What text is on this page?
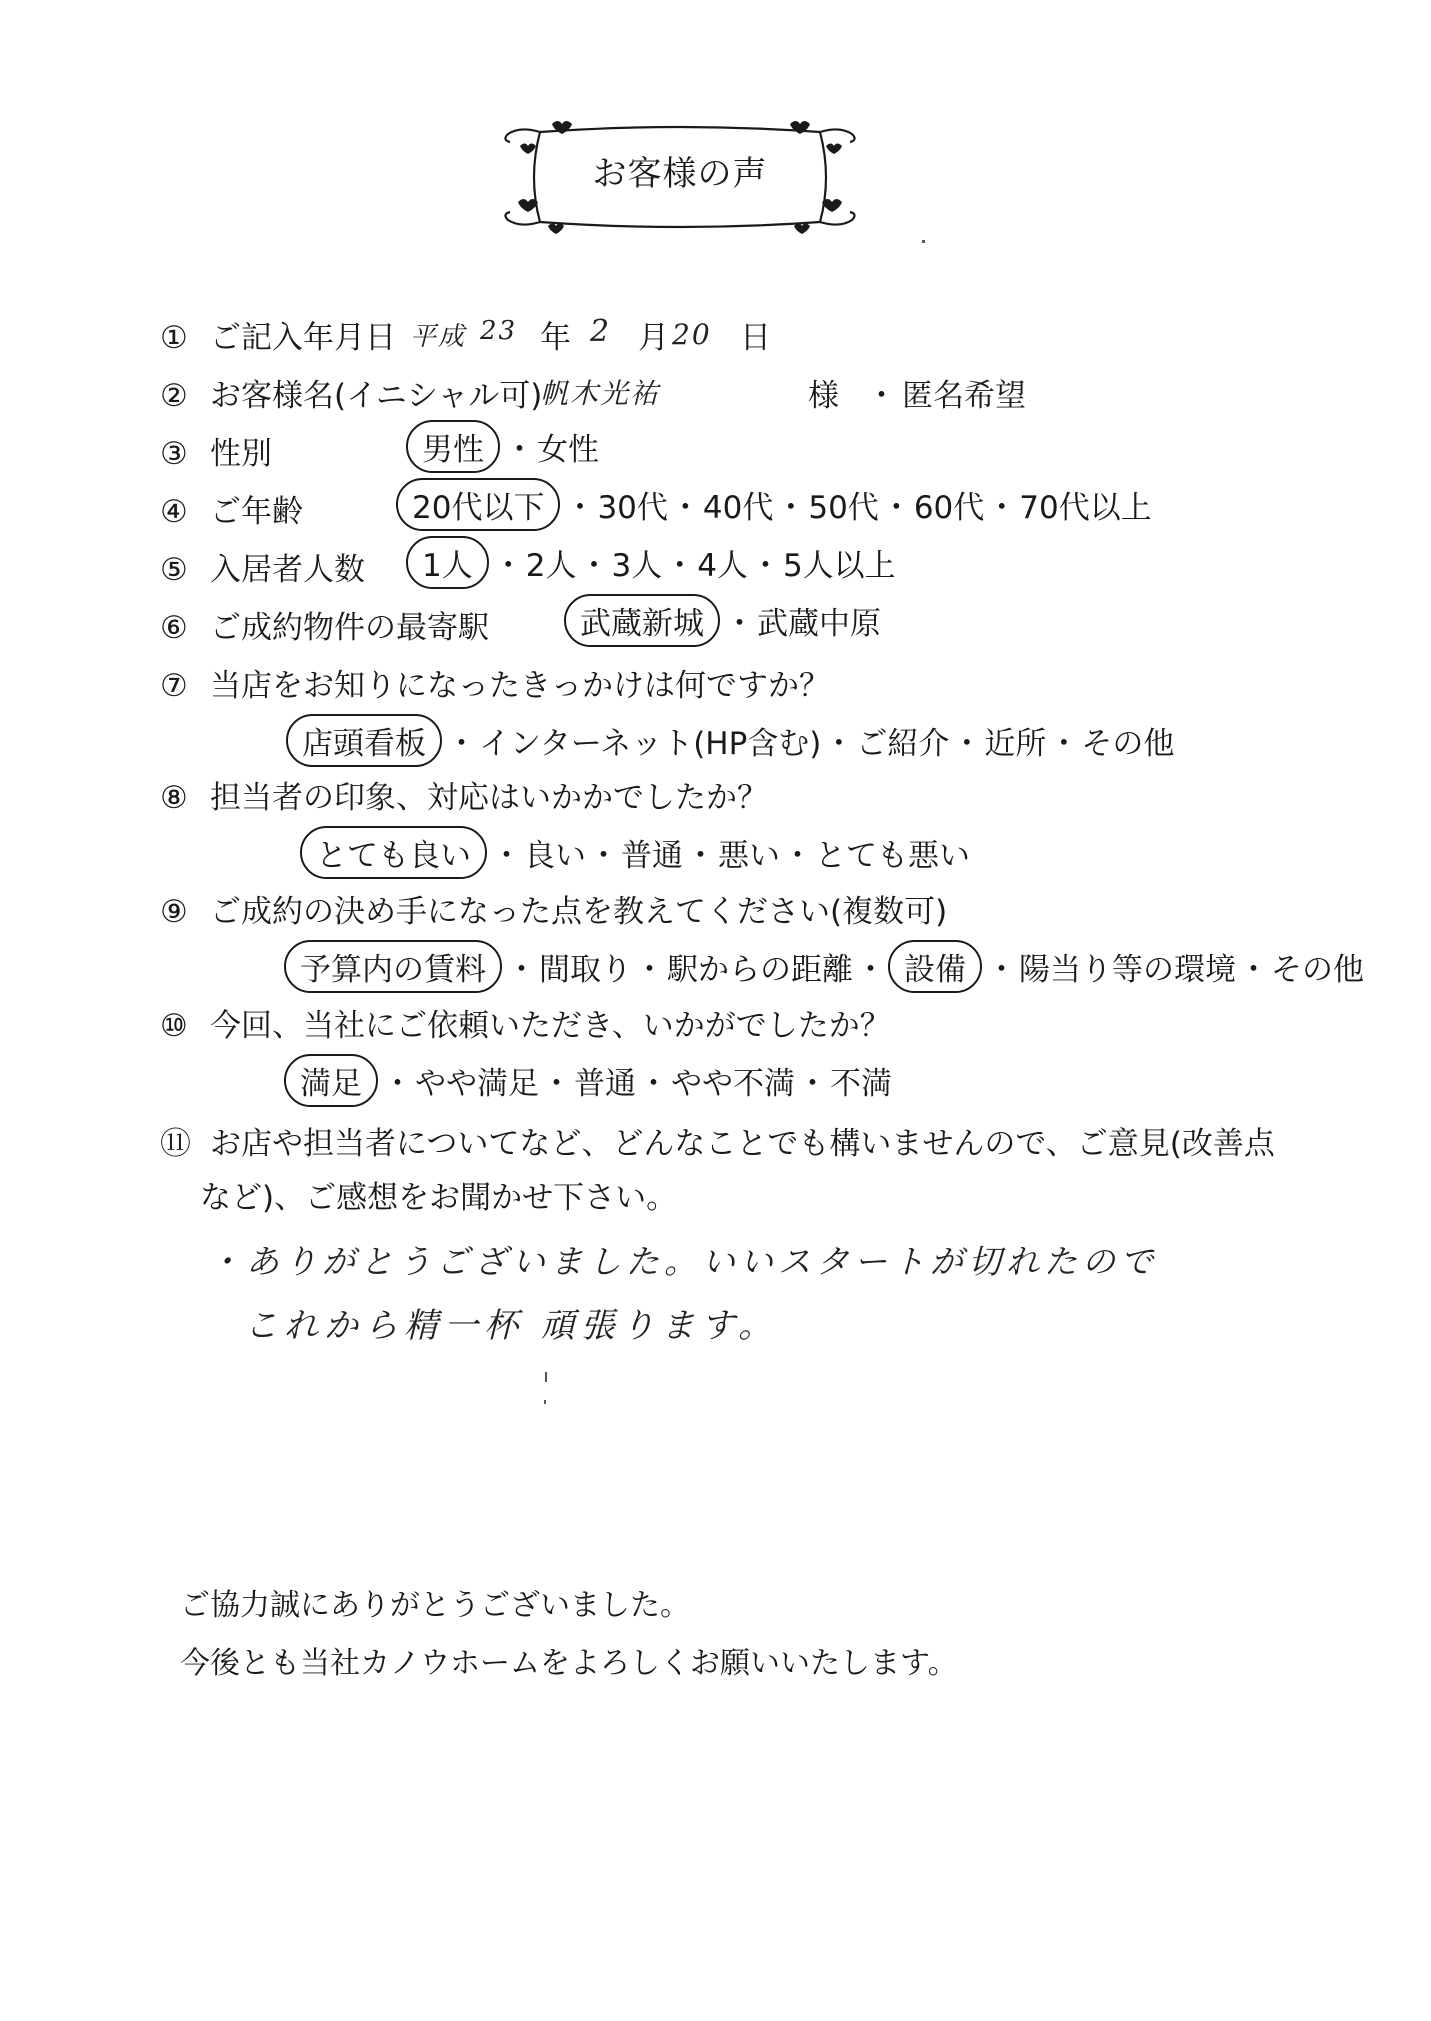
お客様の声
① ご記入年月日 平成 23 年 2 月 20 日
② お客様名(イニシャル可)
帆木光祐	様 ・ 匿名希望
③ 性別	男性 ・女性
④ ご年齢	20代以下 ・30代・40代・50代・60代・70代以上
⑤ 入居者人数	1人 ・2人・3人・4人・5人以上
⑥ ご成約物件の最寄駅	武蔵新城 ・武蔵中原
⑦ 当店をお知りになったきっかけは何ですか？
店頭看板 ・インターネット(HP含む)・ご紹介・近所・その他
⑧ 担当者の印象、対応はいかかでしたか？
とても良い ・良い・普通・悪い・とても悪い
⑨ ご成約の決め手になった点を教えてください(複数可)
予算内の賃料 ・間取り・駅からの距離・ 設備 ・陽当り等の環境・その他
⑩ 今回、当社にご依頼いただき、いかがでしたか？
満足 ・やや満足・普通・やや不満・不満
⑪ お店や担当者についてなど、どんなことでも構いませんので、ご意見(改善点
など)、ご感想をお聞かせ下さい。
・ありがとうございました。いいスタートが切れたので
これから精一杯 頑張ります。
ご協力誠にありがとうございました。
今後とも当社カノウホームをよろしくお願いいたします。
